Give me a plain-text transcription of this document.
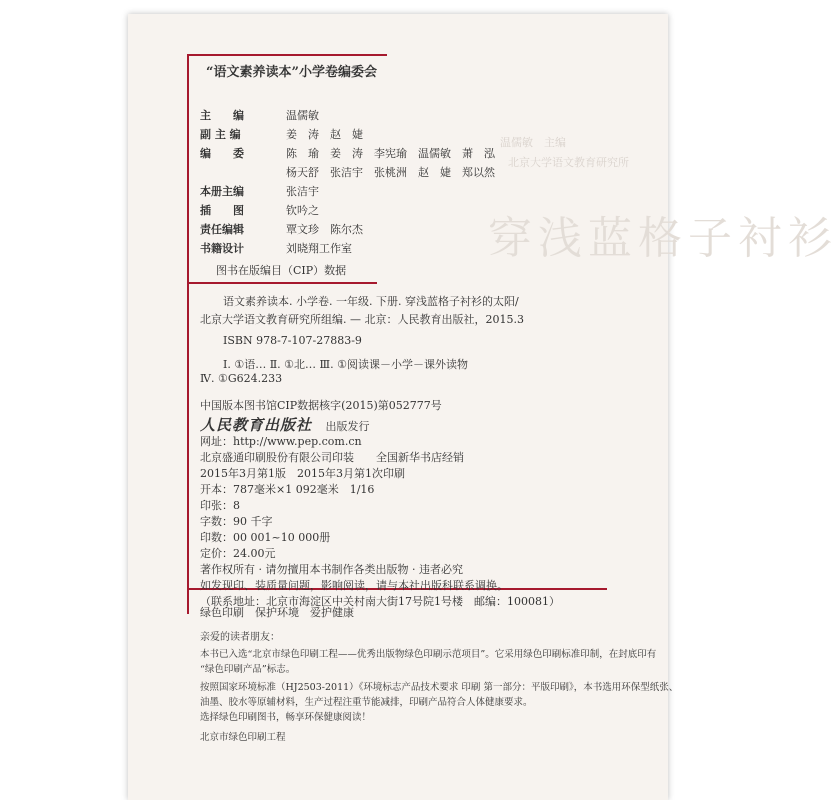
穿浅蓝格子衬衫
温儒敏　主编
北京大学语文教育研究所
“语文素养读本”小学卷编委会
主　　编	温儒敏
副 主 编	姜　涛　赵　婕
编　　委	陈　瑜　姜　涛　李宪瑜　温儒敏　萧　泓
杨天舒　张洁宇　张桃洲　赵　婕　郑以然
本册主编	张洁宇
插　　图	钦吟之
责任编辑	覃文珍　陈尔杰
书籍设计	刘晓翔工作室
图书在版编目（CIP）数据
语文素养读本. 小学卷. 一年级. 下册. 穿浅蓝格子衬衫的太阳/
北京大学语文教育研究所组编. — 北京：人民教育出版社，2015.3
ISBN 978-7-107-27883-9
Ⅰ. ①语… Ⅱ. ①北… Ⅲ. ①阅读课－小学－课外读物
Ⅳ. ①G624.233
中国版本图书馆CIP数据核字(2015)第052777号
人民教育出版社 出版发行
网址：http://www.pep.com.cn
北京盛通印刷股份有限公司印装　　全国新华书店经销
2015年3月第1版　2015年3月第1次印刷
开本：787毫米×1 092毫米　1/16
印张：8
字数：90 千字
印数：00 001~10 000册
定价：24.00元
著作权所有 · 请勿擅用本书制作各类出版物 · 违者必究
如发现印、装质量问题，影响阅读，请与本社出版科联系调换。
（联系地址：北京市海淀区中关村南大街17号院1号楼　邮编：100081）
绿色印刷　保护环境　爱护健康
亲爱的读者朋友：
本书已入选“北京市绿色印刷工程——优秀出版物绿色印刷示范项目”。它采用绿色印刷标准印制，在封底印有
“绿色印刷产品”标志。
按照国家环境标准（HJ2503-2011）《环境标志产品技术要求 印刷 第一部分：平版印刷》，本书选用环保型纸张、
油墨、胶水等原辅材料，生产过程注重节能减排，印刷产品符合人体健康要求。
选择绿色印刷图书，畅享环保健康阅读！
北京市绿色印刷工程
